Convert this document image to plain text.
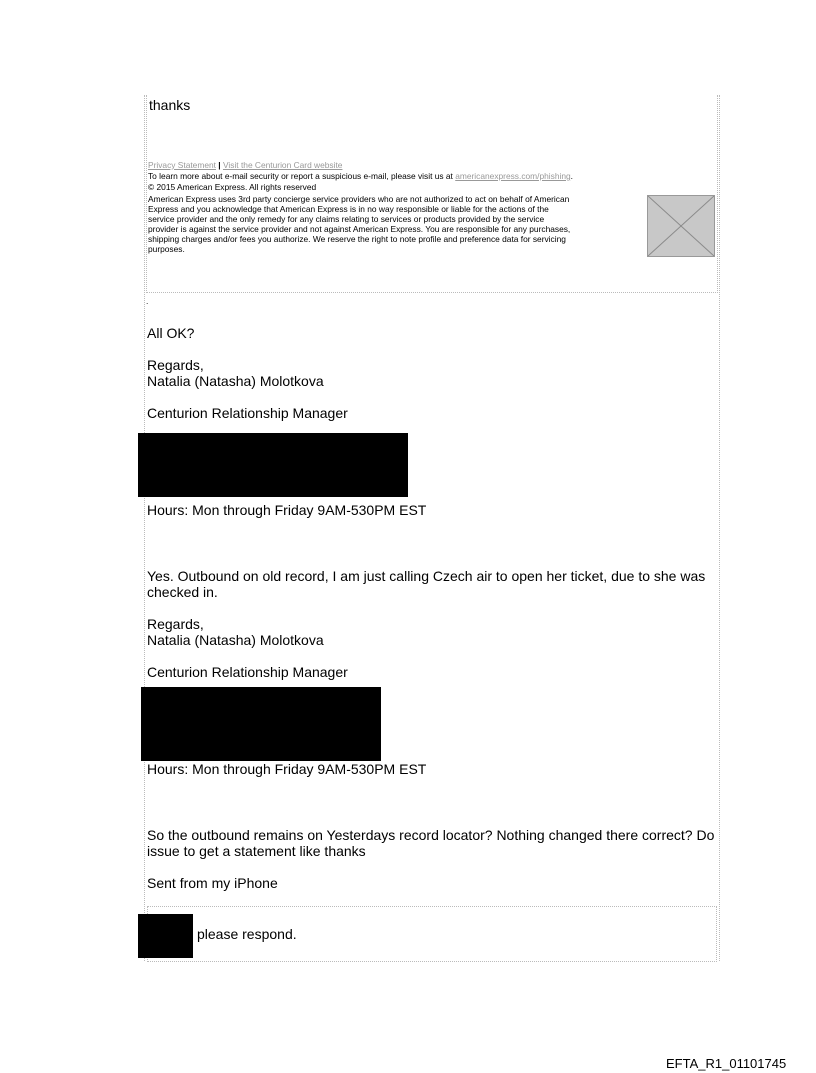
thanks
Privacy Statement | Visit the Centurion Card website
To learn more about e-mail security or report a suspicious e-mail, please visit us at americanexpress.com/phishing.
© 2015 American Express. All rights reserved
American Express uses 3rd party concierge service providers who are not authorized to act on behalf of American
Express and you acknowledge that American Express is in no way responsible or liable for the actions of the
service provider and the only remedy for any claims relating to services or products provided by the service
provider is against the service provider and not against American Express. You are responsible for any purchases,
shipping charges and/or fees you authorize. We reserve the right to note profile and preference data for servicing
purposes.
.
All OK?
Regards,
Natalia (Natasha) Molotkova
Centurion Relationship Manager
Hours: Mon through Friday 9AM-530PM EST
Yes. Outbound on old record, I am just calling Czech air to open her ticket, due to she was
checked in.
Regards,
Natalia (Natasha) Molotkova
Centurion Relationship Manager
Hours: Mon through Friday 9AM-530PM EST
So the outbound remains on Yesterdays record locator? Nothing changed there correct? Do
issue to get a statement like thanks
Sent from my iPhone
please respond.
EFTA_R1_01101745
